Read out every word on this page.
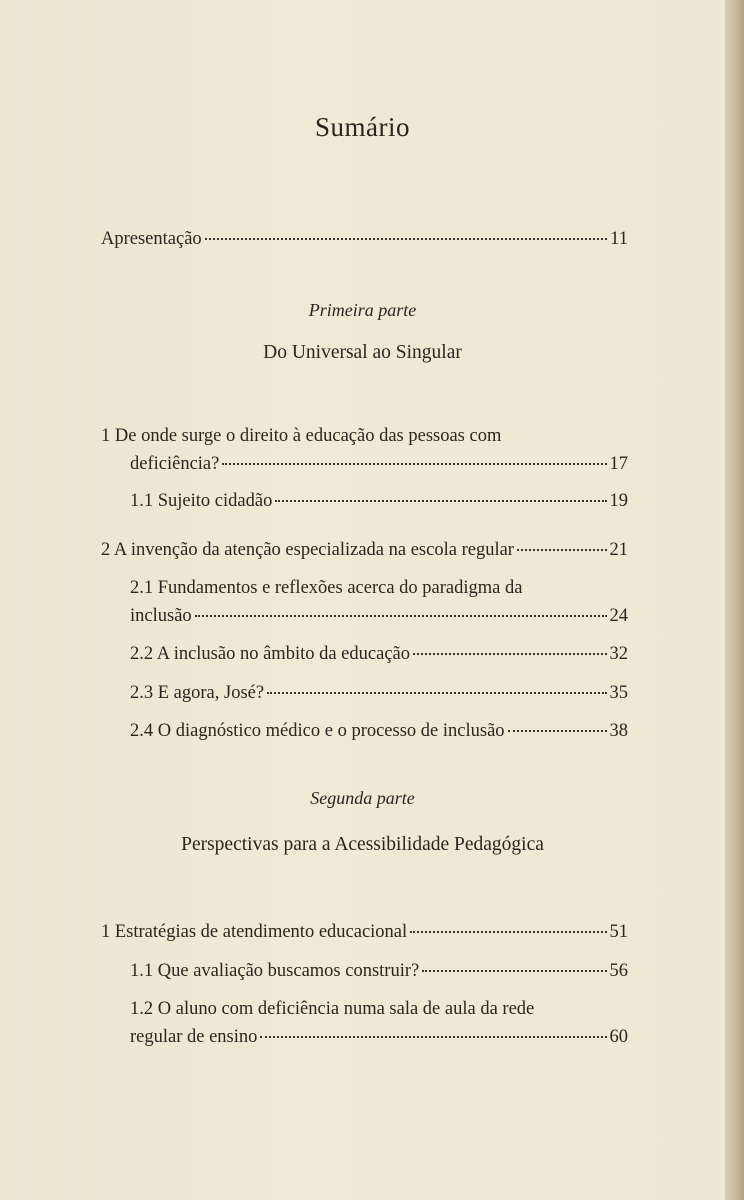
Sumário
Apresentação	11
Primeira parte
Do Universal ao Singular
1 De onde surge o direito à educação das pessoas com
deficiência?	17
1.1 Sujeito cidadão	19
2 A invenção da atenção especializada na escola regular	21
2.1 Fundamentos e reflexões acerca do paradigma da
inclusão	24
2.2 A inclusão no âmbito da educação	32
2.3 E agora, José?	35
2.4 O diagnóstico médico e o processo de inclusão	38
Segunda parte
Perspectivas para a Acessibilidade Pedagógica
1 Estratégias de atendimento educacional	51
1.1 Que avaliação buscamos construir?	56
1.2 O aluno com deficiência numa sala de aula da rede
regular de ensino	60
